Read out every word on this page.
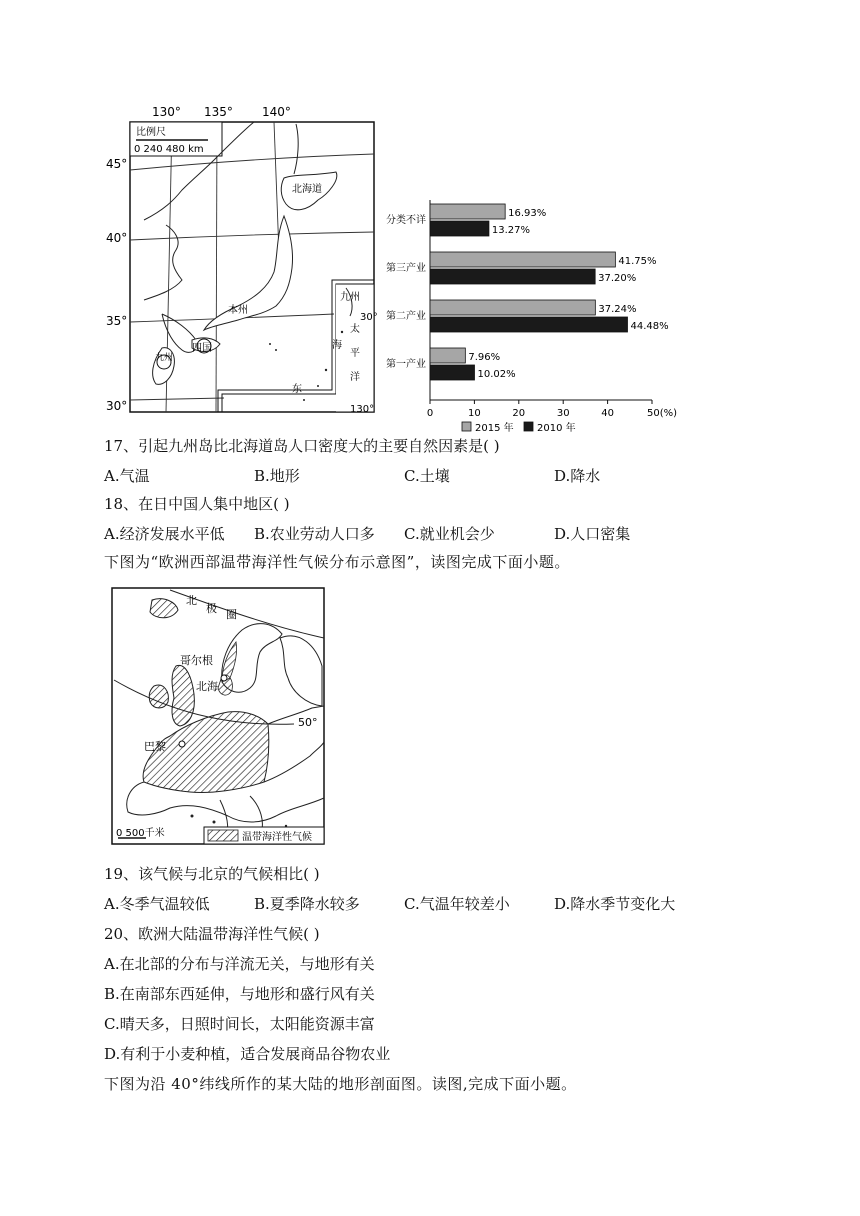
130° 135° 140°
45°
40°
35°
30°
比例尺
0 240 480 km
北海道
本州
四国
九州
九州
太
平
洋
30°
130°
海
东
0	10	20	30	40	50(%)
分类不详
16.93%
13.27%
第三产业
41.75%
37.20%
第二产业
37.24%
44.48%
第一产业
7.96%
10.02%
2015 年 2010 年
17、引起九州岛比北海道岛人口密度大的主要自然因素是( )
A.气温	B.地形	C.土壤	D.降水
18、在日中国人集中地区( )
A.经济发展水平低 B.农业劳动人口多 C.就业机会少	D.人口密集
下图为“欧洲西部温带海洋性气候分布示意图”，读图完成下面小题。
北
极 圈
50°
哥尔根
北海
巴黎
0 500千米	温带海洋性气候
19、该气候与北京的气候相比( )
A.冬季气温较低	B.夏季降水较多	C.气温年较差小	D.降水季节变化大
20、欧洲大陆温带海洋性气候( )
A.在北部的分布与洋流无关，与地形有关
B.在南部东西延伸，与地形和盛行风有关
C.晴天多，日照时间长，太阳能资源丰富
D.有利于小麦种植，适合发展商品谷物农业
下图为沿 40°纬线所作的某大陆的地形剖面图。读图,完成下面小题。
